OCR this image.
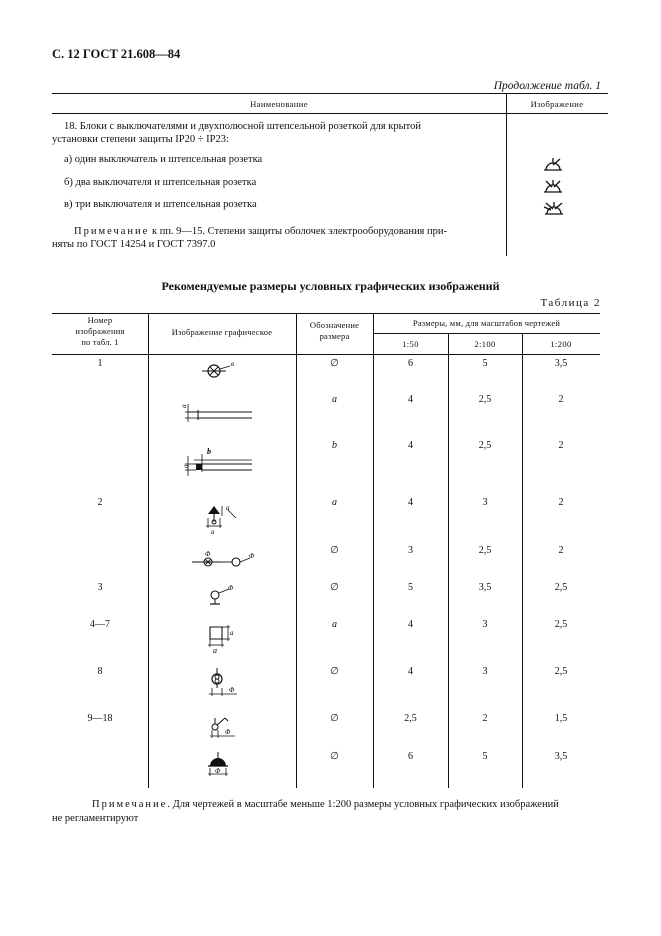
С. 12 ГОСТ 21.608—84
Продолжение табл. 1
Наименование	Изображение
18. Блоки с выключателями и двухполюсной штепсельной розеткой для крытой
установки степени защиты IP20 ÷ IP23:
а) один выключатель и штепсельная розетка
б) два выключателя и штепсельная розетка
в) три выключателя и штепсельная розетка
Примечание к пп. 9—15. Степени защиты оболочек электрооборудования при-
няты по ГОСТ 14254 и ГОСТ 7397.0
Рекомендуемые размеры условных графических изображений
Таблица 2
Номер
изображения
по табл. 1
Изображение графическое
Обозначение
размера
Размеры, мм, для масштабов чертежей
1:50	2:100	1:200
1	∅	6	5	3,5
a	4	2,5	2
b	4	2,5	2
2	a	4	3	2
∅	3	2,5	2
3	∅	5	3,5	2,5
4—7	a	4	3	2,5
8	∅	4	3	2,5
9—18	∅	2,5	2	1,5
∅	6	5	3,5
в
a
b
a
a
a
Φ	Φ
Φ
a
a
Φ
Φ
Φ
Примечание. Для чертежей в масштабе меньше 1:200 размеры условных графических изображений
не регламентируют
